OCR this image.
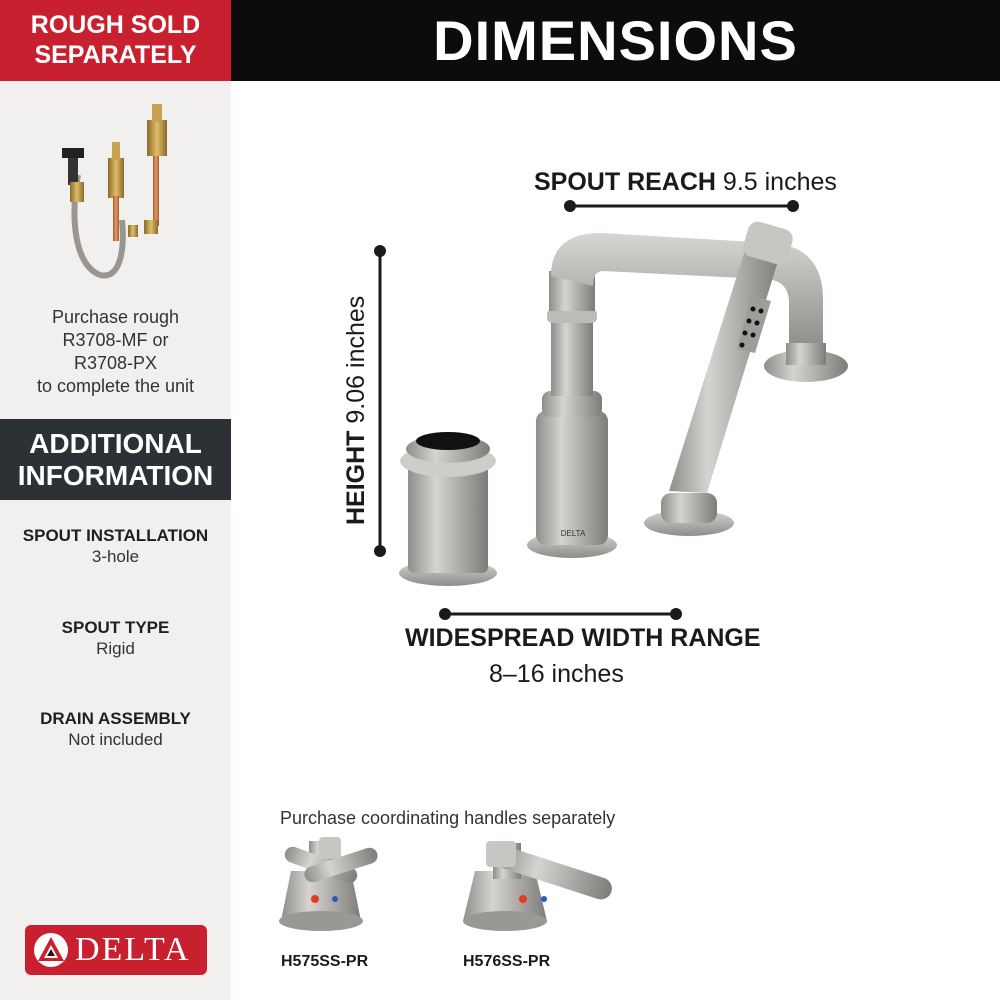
ROUGH SOLD
SEPARATELY	DIMENSIONS
Purchase rough
R3708-MF or
R3708-PX
to complete the unit
ADDITIONAL
INFORMATION
SPOUT INSTALLATION
3-hole
SPOUT TYPE
Rigid
DRAIN ASSEMBLY
Not included
DELTA
DELTA
SPOUT REACH 9.5 inches
HEIGHT 9.06 inches
WIDESPREAD WIDTH RANGE
8–16 inches
Purchase coordinating handles separately
H575SS-PR	H576SS-PR
